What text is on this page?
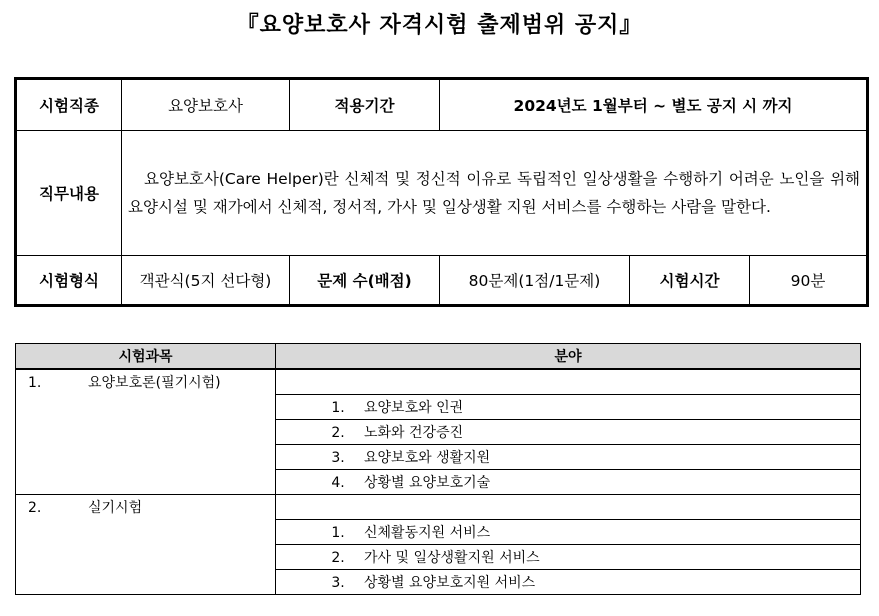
『요양보호사 자격시험 출제범위 공지』
시험직종	요양보호사	적용기간	2024년도 1월부터 ~ 별도 공지 시 까지		
직무내용	요양보호사(Care Helper)란 신체적 및 정신적 이유로 독립적인 일상생활을 수행하기 어려운 노인을 위해 요양시설 및 재가에서 신체적, 정서적, 가사 및 일상생활 지원 서비스를 수행하는 사람을 말한다.				

시험형식	객관식(5지 선다형)	문제 수(배점)	80문제(1점/1문제)	시험시간	90분
시험과목	분야
1. 요양보호론(필기시험)	
	1. 요양보호와 인권
	2. 노화와 건강증진
	3. 요양보호와 생활지원
	4. 상황별 요양보호기술
2. 실기시험	
	1. 신체활동지원 서비스
	2. 가사 및 일상생활지원 서비스
	3. 상황별 요양보호지원 서비스
